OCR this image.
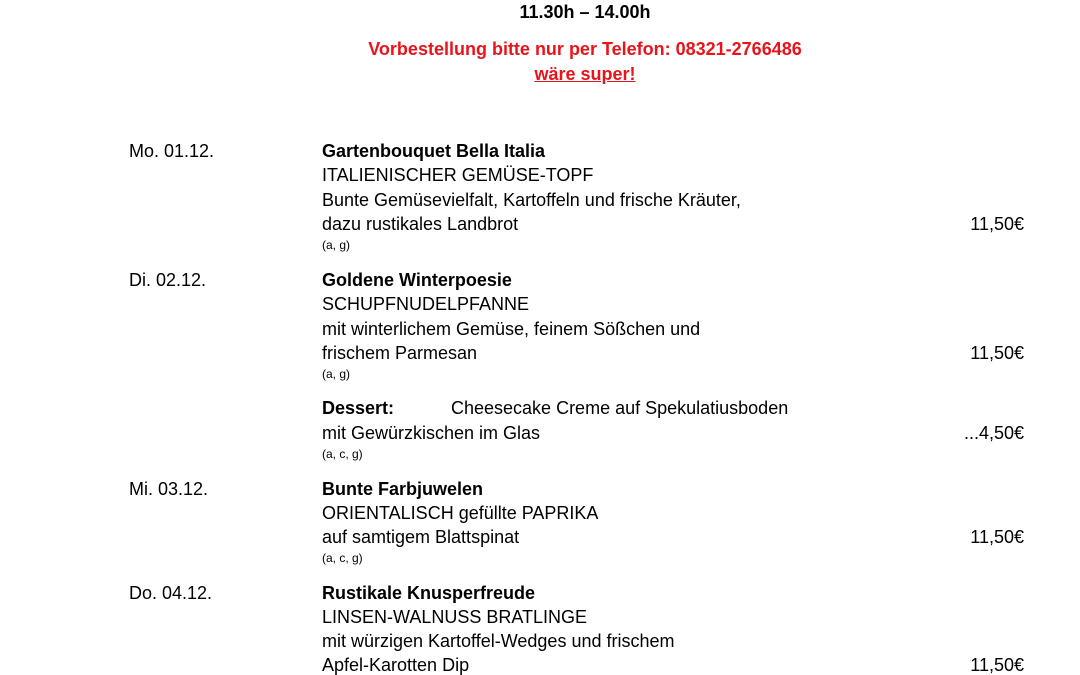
11.30h – 14.00h
Vorbestellung bitte nur per Telefon: 08321-2766486
wäre super!
Mo. 01.12.	Gartenbouquet Bella Italia
ITALIENISCHER GEMÜSE-TOPF
Bunte Gemüsevielfalt, Kartoffeln und frische Kräuter,
dazu rustikales Landbrot	11,50€
(a, g)
Di. 02.12.	Goldene Winterpoesie
SCHUPFNUDELPFANNE
mit winterlichem Gemüse, feinem Sößchen und
frischem Parmesan	11,50€
(a, g)
Dessert:	Cheesecake Creme auf Spekulatiusboden
mit Gewürzkischen im Glas	...4,50€
(a, c, g)
Mi. 03.12.	Bunte Farbjuwelen
ORIENTALISCH gefüllte PAPRIKA
auf samtigem Blattspinat	11,50€
(a, c, g)
Do. 04.12.	Rustikale Knusperfreude
LINSEN-WALNUSS BRATLINGE
mit würzigen Kartoffel-Wedges und frischem
Apfel-Karotten Dip	11,50€
